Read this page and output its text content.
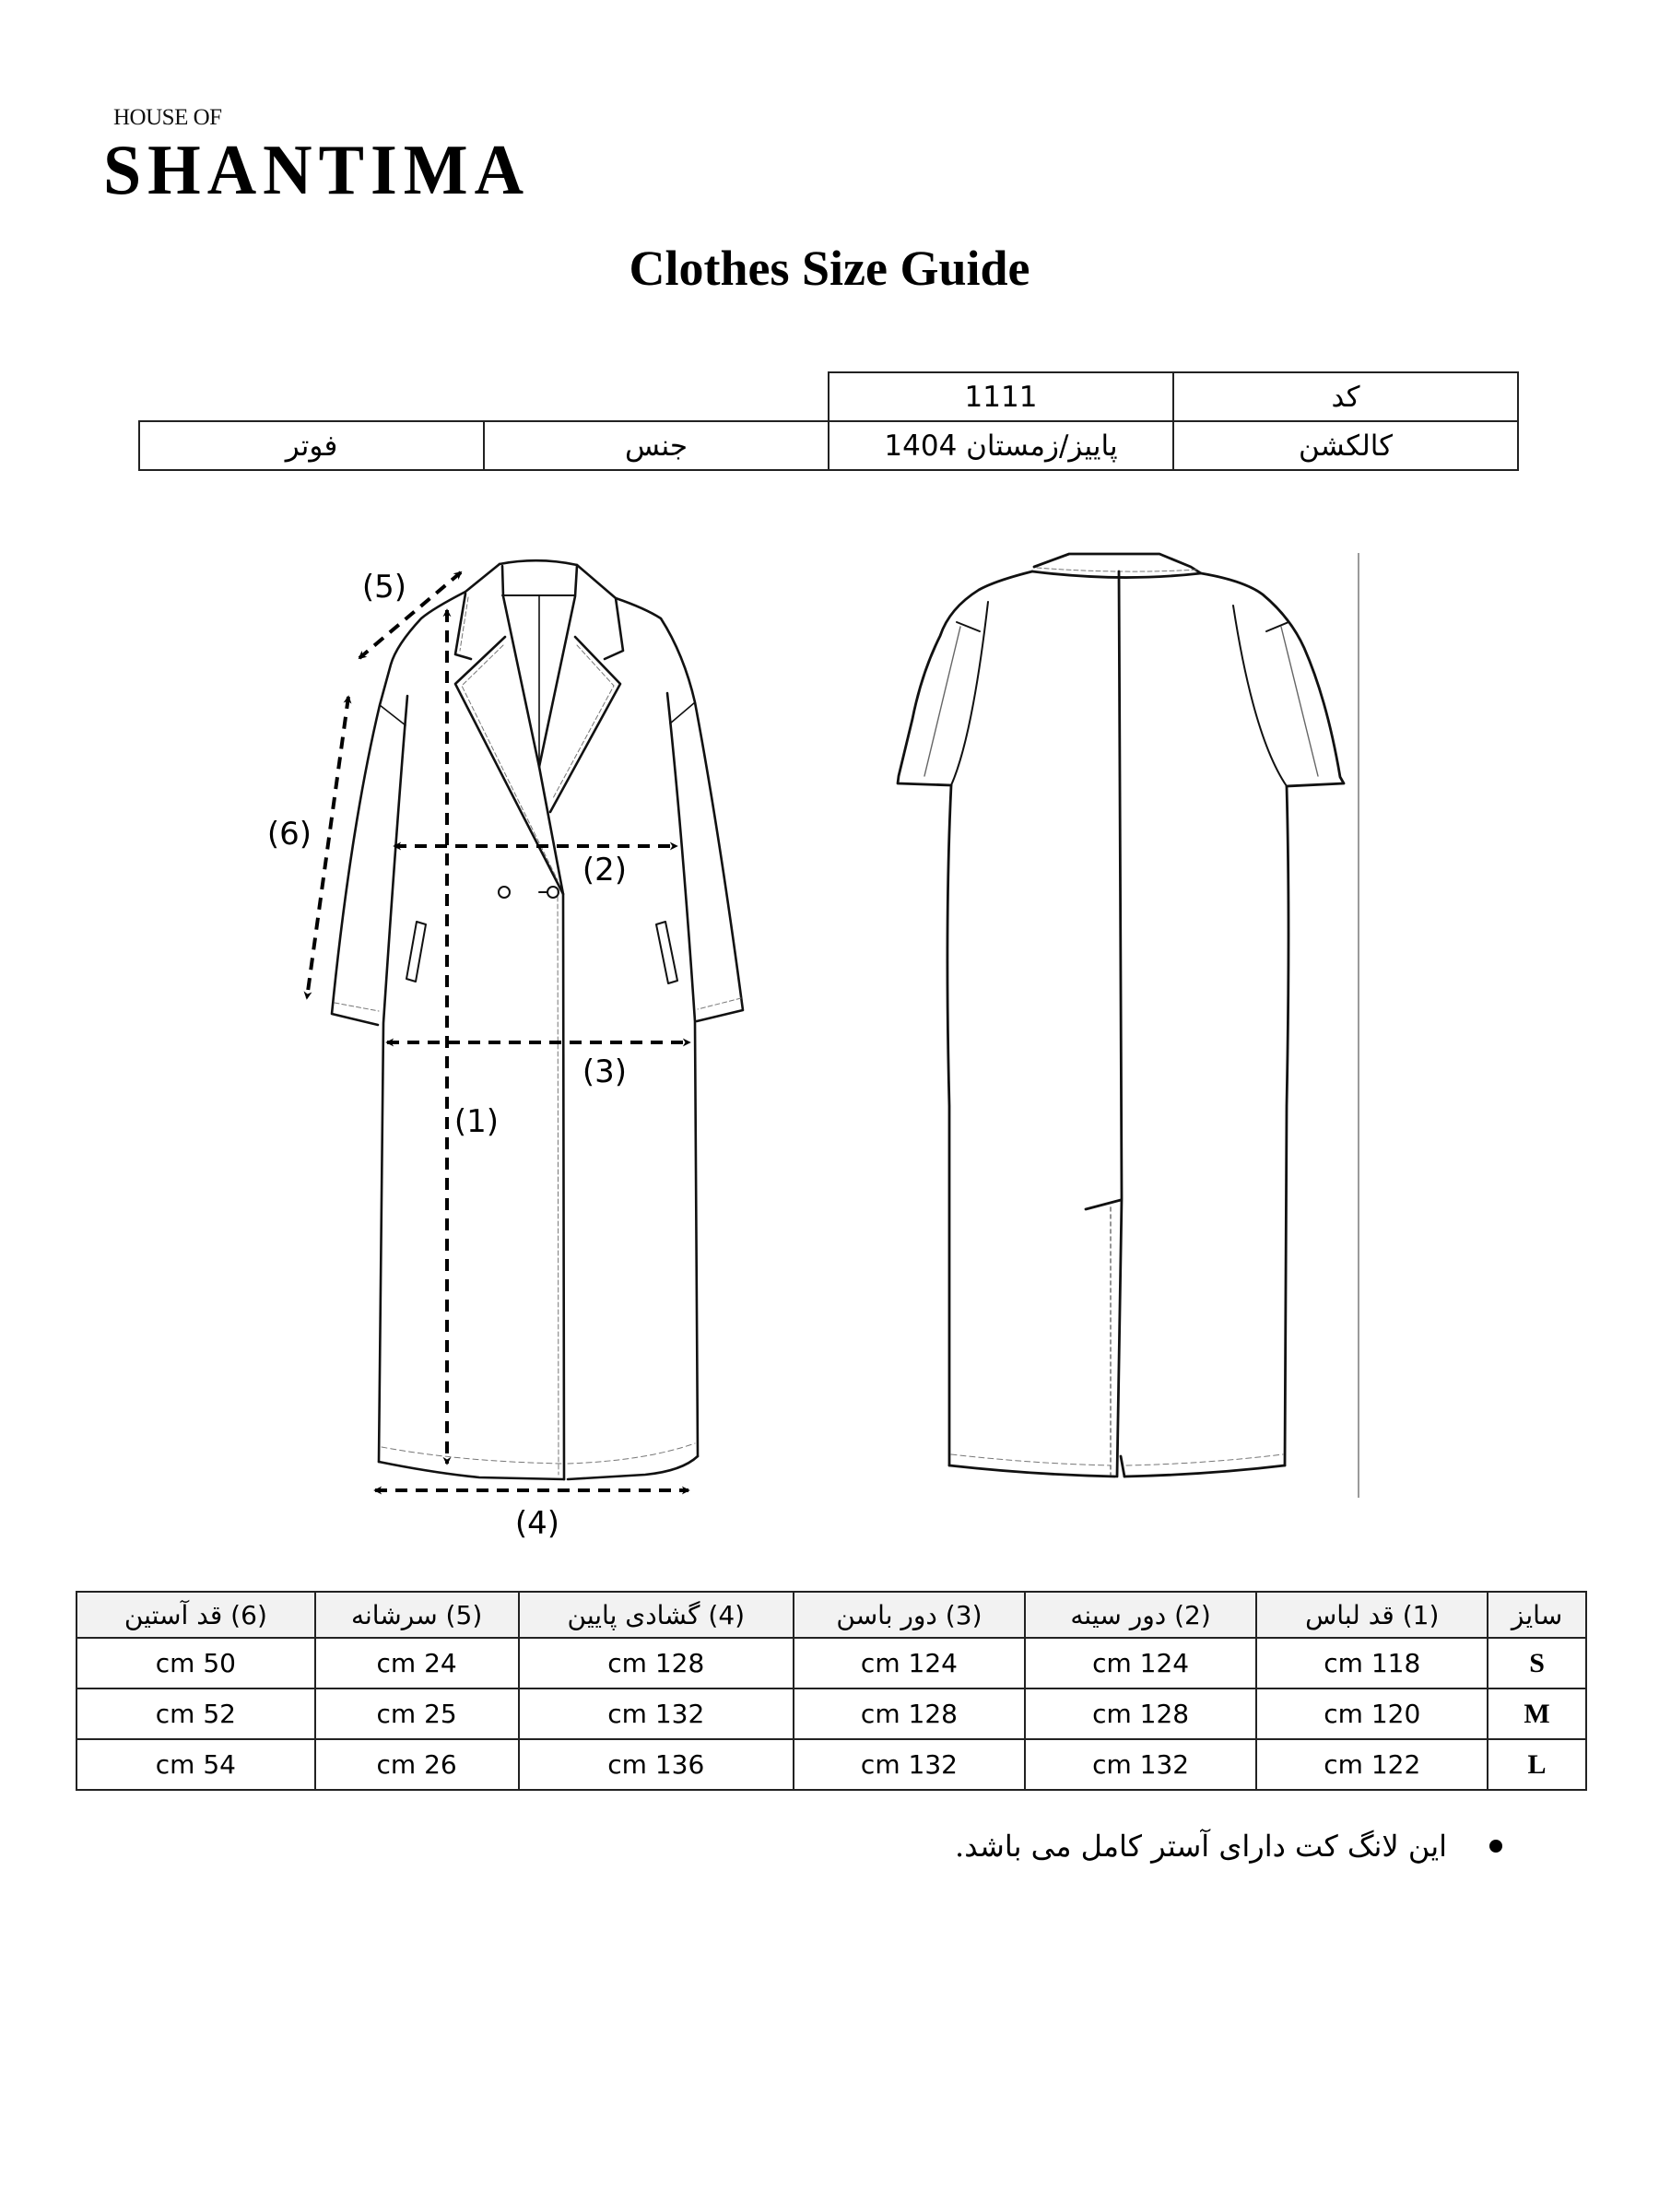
HOUSE OF
SHANTIMA
Clothes Size Guide
کد	1111		
کالکشن	پاییز/زمستان 1404	جنس	فوتر
(1)
(2)
(3)
(4)
(5)
(6)
سایز	(1) قد لباس	(2) دور سینه	(3) دور باسن	(4) گشادی پایین	(5) سرشانه	(6) قد آستین
S	118 cm	124 cm	124 cm	128 cm	24 cm	50 cm
M	120 cm	128 cm	128 cm	132 cm	25 cm	52 cm
L	122 cm	132 cm	132 cm	136 cm	26 cm	54 cm
این لانگ کت دارای آستر کامل می باشد.
